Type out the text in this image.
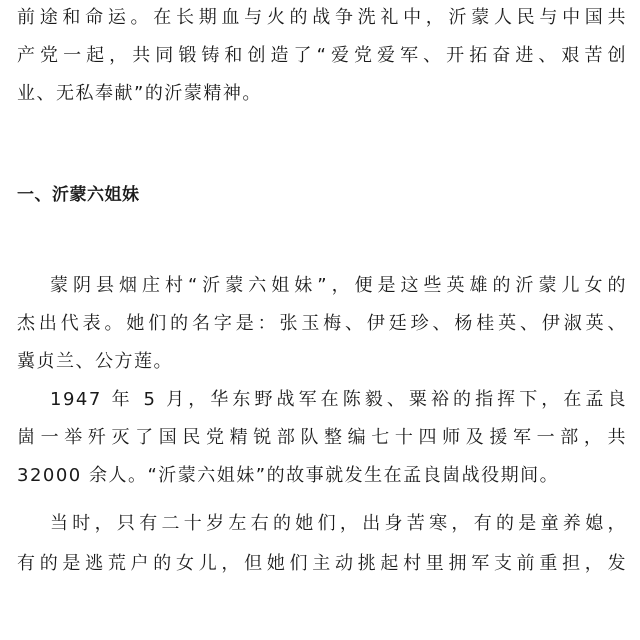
前途和命运。在长期血与火的战争洗礼中，沂蒙人民与中国共
产党一起，共同锻铸和创造了“爱党爱军、开拓奋进、艰苦创
业、无私奉献”的沂蒙精神。
一、沂蒙六姐妹
蒙阴县烟庄村“沂蒙六姐妹”，便是这些英雄的沂蒙儿女的
杰出代表。她们的名字是：张玉梅、伊廷珍、杨桂英、伊淑英、
冀贞兰、公方莲。
1947 年 5 月，华东野战军在陈毅、粟裕的指挥下，在孟良
崮一举歼灭了国民党精锐部队整编七十四师及援军一部，共
32000 余人。“沂蒙六姐妹”的故事就发生在孟良崮战役期间。
当时，只有二十岁左右的她们，出身苦寒，有的是童养媳，
有的是逃荒户的女儿，但她们主动挑起村里拥军支前重担，发
